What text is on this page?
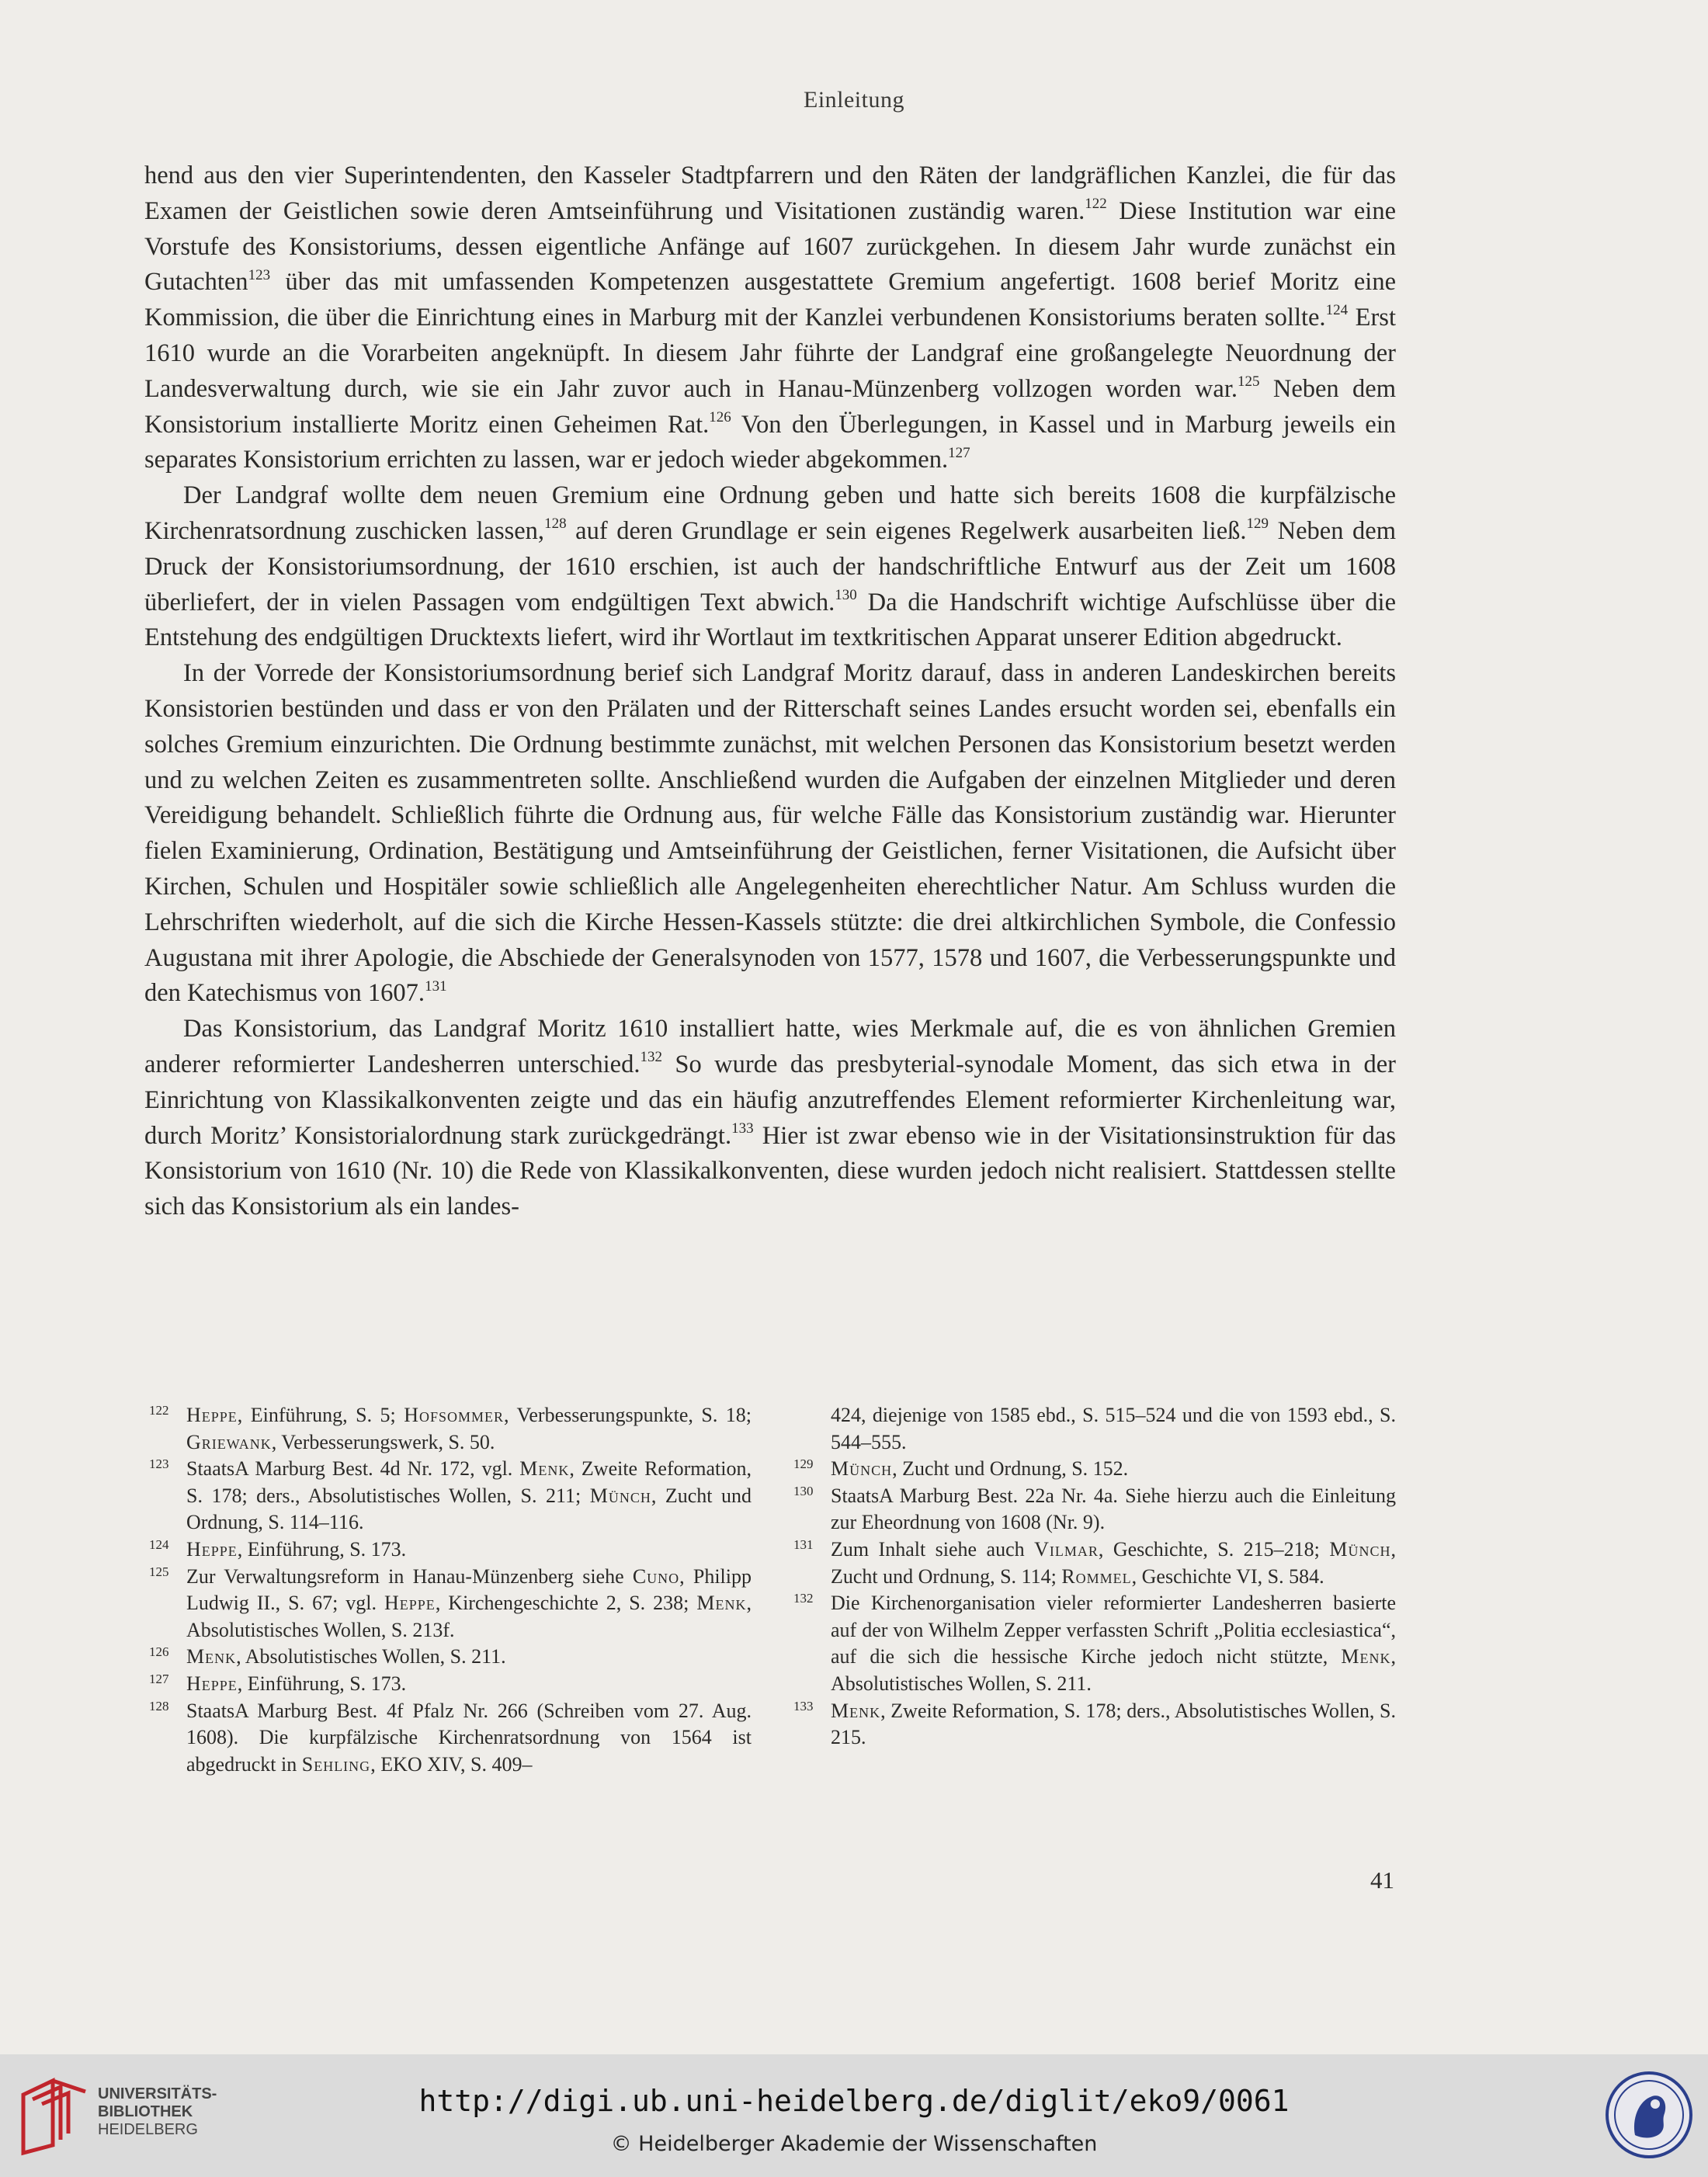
Einleitung

hend aus den vier Superintendenten, den Kasseler Stadtpfarrern und den Räten der landgräflichen Kanzlei, die für das Examen der Geistlichen sowie deren Amtseinführung und Visitationen zuständig waren.$^{122}$ Diese Institution war eine Vorstufe des Konsistoriums, dessen eigentliche Anfänge auf 1607 zurückgehen. In diesem Jahr wurde zunächst ein Gutachten$^{123}$ über das mit umfassenden Kompetenzen ausgestattete Gremium angefertigt. 1608 berief Moritz eine Kommission, die über die Einrichtung eines in Marburg mit der Kanzlei verbundenen Konsistoriums beraten sollte.$^{124}$ Erst 1610 wurde an die Vorarbeiten angeknüpft. In diesem Jahr führte der Landgraf eine großangelegte Neuordnung der Landesverwaltung durch, wie sie ein Jahr zuvor auch in Hanau-Münzenberg vollzogen worden war.$^{125}$ Neben dem Konsistorium installierte Moritz einen Geheimen Rat.$^{126}$ Von den Überlegungen, in Kassel und in Marburg jeweils ein separates Konsistorium errichten zu lassen, war er jedoch wieder abgekommen.$^{127}$

Der Landgraf wollte dem neuen Gremium eine Ordnung geben und hatte sich bereits 1608 die kurpfälzische Kirchenratsordnung zuschicken lassen,$^{128}$ auf deren Grundlage er sein eigenes Regelwerk ausarbeiten ließ.$^{129}$ Neben dem Druck der Konsistoriumsordnung, der 1610 erschien, ist auch der handschriftliche Entwurf aus der Zeit um 1608 überliefert, der in vielen Passagen vom endgültigen Text abwich.$^{130}$ Da die Handschrift wichtige Aufschlüsse über die Entstehung des endgültigen Drucktexts liefert, wird ihr Wortlaut im textkritischen Apparat unserer Edition abgedruckt.

In der Vorrede der Konsistoriumsordnung berief sich Landgraf Moritz darauf, dass in anderen Landeskirchen bereits Konsistorien bestünden und dass er von den Prälaten und der Ritterschaft seines Landes ersucht worden sei, ebenfalls ein solches Gremium einzurichten. Die Ordnung bestimmte zunächst, mit welchen Personen das Konsistorium besetzt werden und zu welchen Zeiten es zusammentreten sollte. Anschließend wurden die Aufgaben der einzelnen Mitglieder und deren Vereidigung behandelt. Schließlich führte die Ordnung aus, für welche Fälle das Konsistorium zuständig war. Hierunter fielen Examinierung, Ordination, Bestätigung und Amtseinführung der Geistlichen, ferner Visitationen, die Aufsicht über Kirchen, Schulen und Hospitäler sowie schließlich alle Angelegenheiten eherechtlicher Natur. Am Schluss wurden die Lehrschriften wiederholt, auf die sich die Kirche Hessen-Kassels stützte: die drei altkirchlichen Symbole, die Confessio Augustana mit ihrer Apologie, die Abschiede der Generalsynoden von 1577, 1578 und 1607, die Verbesserungspunkte und den Katechismus von 1607.$^{131}$

Das Konsistorium, das Landgraf Moritz 1610 installiert hatte, wies Merkmale auf, die es von ähnlichen Gremien anderer reformierter Landesherren unterschied.$^{132}$ So wurde das presbyterial-synodale Moment, das sich etwa in der Einrichtung von Klassikalkonventen zeigte und das ein häufig anzutreffendes Element reformierter Kirchenleitung war, durch Moritz’ Konsistorialordnung stark zurückgedrängt.$^{133}$ Hier ist zwar ebenso wie in der Visitationsinstruktion für das Konsistorium von 1610 (Nr. 10) die Rede von Klassikalkonventen, diese wurden jedoch nicht realisiert. Stattdessen stellte sich das Konsistorium als ein landes-

122 Heppe, Einführung, S. 5; Hofsommer, Verbesserungspunkte, S. 18; Griewank, Verbesserungswerk, S. 50.

123 StaatsA Marburg Best. 4d Nr. 172, vgl. Menk, Zweite Reformation, S. 178; ders., Absolutistisches Wollen, S. 211; Münch, Zucht und Ordnung, S. 114–116.

124 Heppe, Einführung, S. 173.

125 Zur Verwaltungsreform in Hanau-Münzenberg siehe Cuno, Philipp Ludwig II., S. 67; vgl. Heppe, Kirchengeschichte 2, S. 238; Menk, Absolutistisches Wollen, S. 213f.

126 Menk, Absolutistisches Wollen, S. 211.

127 Heppe, Einführung, S. 173.

128 StaatsA Marburg Best. 4f Pfalz Nr. 266 (Schreiben vom 27. Aug. 1608). Die kurpfälzische Kirchenratsordnung von 1564 ist abgedruckt in Sehling, EKO XIV, S. 409–

424, diejenige von 1585 ebd., S. 515–524 und die von 1593 ebd., S. 544–555.

129 Münch, Zucht und Ordnung, S. 152.

130 StaatsA Marburg Best. 22a Nr. 4a. Siehe hierzu auch die Einleitung zur Eheordnung von 1608 (Nr. 9).

131 Zum Inhalt siehe auch Vilmar, Geschichte, S. 215–218; Münch, Zucht und Ordnung, S. 114; Rommel, Geschichte VI, S. 584.

132 Die Kirchenorganisation vieler reformierter Landesherren basierte auf der von Wilhelm Zepper verfassten Schrift „Politia ecclesiastica“, auf die sich die hessische Kirche jedoch nicht stützte, Menk, Absolutistisches Wollen, S. 211.

133 Menk, Zweite Reformation, S. 178; ders., Absolutistisches Wollen, S. 215.

41
UNIVERSITÄTS-
BIBLIOTHEK
HEIDELBERG
http://digi.ub.uni-heidelberg.de/diglit/eko9/0061
© Heidelberger Akademie der Wissenschaften
